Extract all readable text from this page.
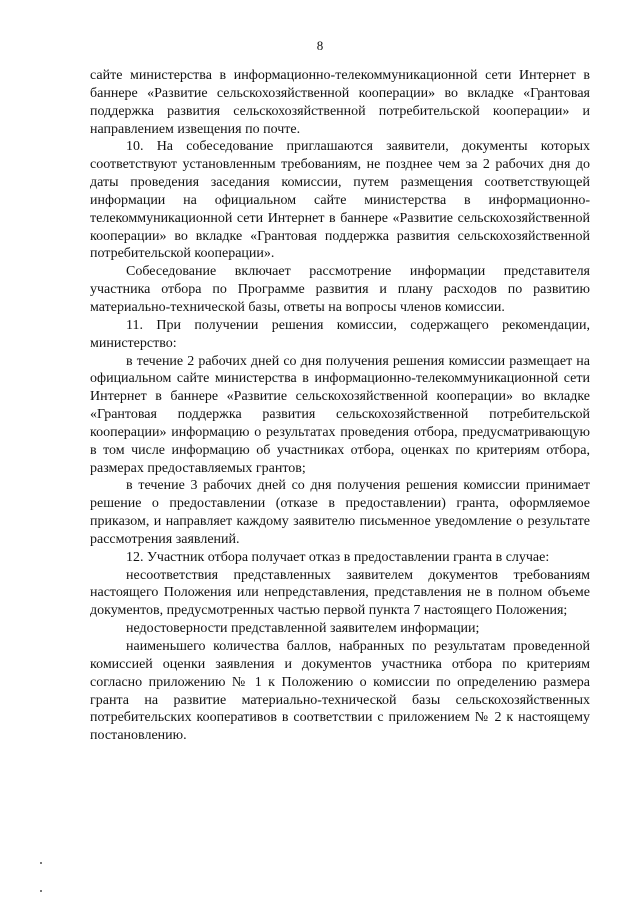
8

сайте министерства в информационно-телекоммуникационной сети Интернет в баннере «Развитие сельскохозяйственной кооперации» во вкладке «Грантовая поддержка развития сельскохозяйственной потребительской кооперации» и направлением извещения по почте.

10. На собеседование приглашаются заявители, документы которых соответствуют установленным требованиям, не позднее чем за 2 рабочих дня до даты проведения заседания комиссии, путем размещения соответствующей информации на официальном сайте министерства в информационно-телекоммуникационной сети Интернет в баннере «Развитие сельскохозяйственной кооперации» во вкладке «Грантовая поддержка развития сельскохозяйственной потребительской кооперации».

Собеседование включает рассмотрение информации представителя участника отбора по Программе развития и плану расходов по развитию материально-технической базы, ответы на вопросы членов комиссии.

11. При получении решения комиссии, содержащего рекомендации, министерство:

в течение 2 рабочих дней со дня получения решения комиссии размещает на официальном сайте министерства в информационно-телекоммуникационной сети Интернет в баннере «Развитие сельскохозяйственной кооперации» во вкладке «Грантовая поддержка развития сельскохозяйственной потребительской кооперации» информацию о результатах проведения отбора, предусматривающую в том числе информацию об участниках отбора, оценках по критериям отбора, размерах предоставляемых грантов;

в течение 3 рабочих дней со дня получения решения комиссии принимает решение о предоставлении (отказе в предоставлении) гранта, оформляемое приказом, и направляет каждому заявителю письменное уведомление о результате рассмотрения заявлений.

12. Участник отбора получает отказ в предоставлении гранта в случае:

несоответствия представленных заявителем документов требованиям настоящего Положения или непредставления, представления не в полном объеме документов, предусмотренных частью первой пункта 7 настоящего Положения;

недостоверности представленной заявителем информации;

наименьшего количества баллов, набранных по результатам проведенной комиссией оценки заявления и документов участника отбора по критериям согласно приложению № 1 к Положению о комиссии по определению размера гранта на развитие материально-технической базы сельскохозяйственных потребительских кооперативов в соответствии с приложением № 2 к настоящему постановлению.
